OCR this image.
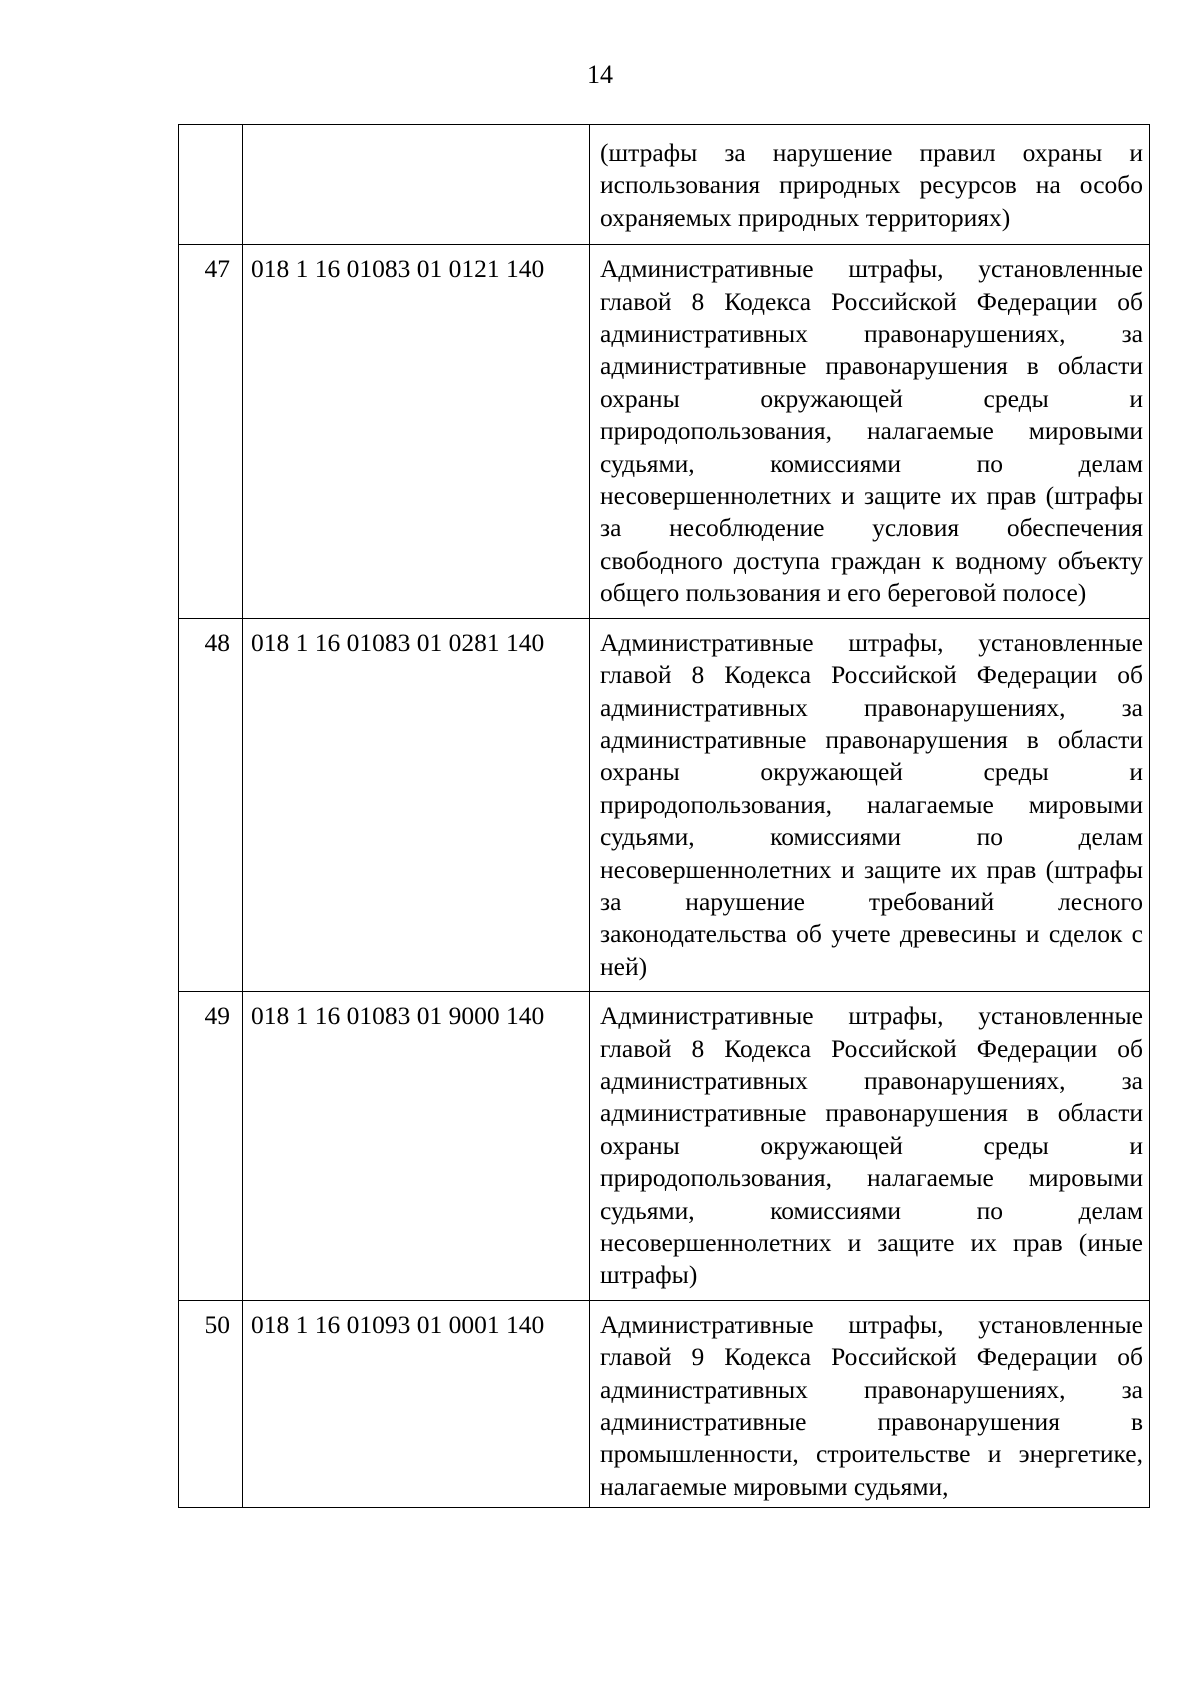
14
		(штрафы за нарушение правил охраны и использования природных ресурсов на особо охраняемых природных территориях)
47	018 1 16 01083 01 0121 140	Административные штрафы, установленные главой 8 Кодекса Российской Федерации об административных правонарушениях, за административные правонарушения в области охраны окружающей среды и природопользования, налагаемые мировыми судьями, комиссиями по делам несовершеннолетних и защите их прав (штрафы за несоблюдение условия обеспечения свободного доступа граждан к водному объекту общего пользования и его береговой полосе)
48	018 1 16 01083 01 0281 140	Административные штрафы, установленные главой 8 Кодекса Российской Федерации об административных правонарушениях, за административные правонарушения в области охраны окружающей среды и природопользования, налагаемые мировыми судьями, комиссиями по делам несовершеннолетних и защите их прав (штрафы за нарушение требований лесного законодательства об учете древесины и сделок с ней)
49	018 1 16 01083 01 9000 140	Административные штрафы, установленные главой 8 Кодекса Российской Федерации об административных правонарушениях, за административные правонарушения в области охраны окружающей среды и природопользования, налагаемые мировыми судьями, комиссиями по делам несовершеннолетних и защите их прав (иные штрафы)
50	018 1 16 01093 01 0001 140	Административные штрафы, установленные главой 9 Кодекса Российской Федерации об административных правонарушениях, за административные правонарушения в промышленности, строительстве и энергетике, налагаемые мировыми судьями,
